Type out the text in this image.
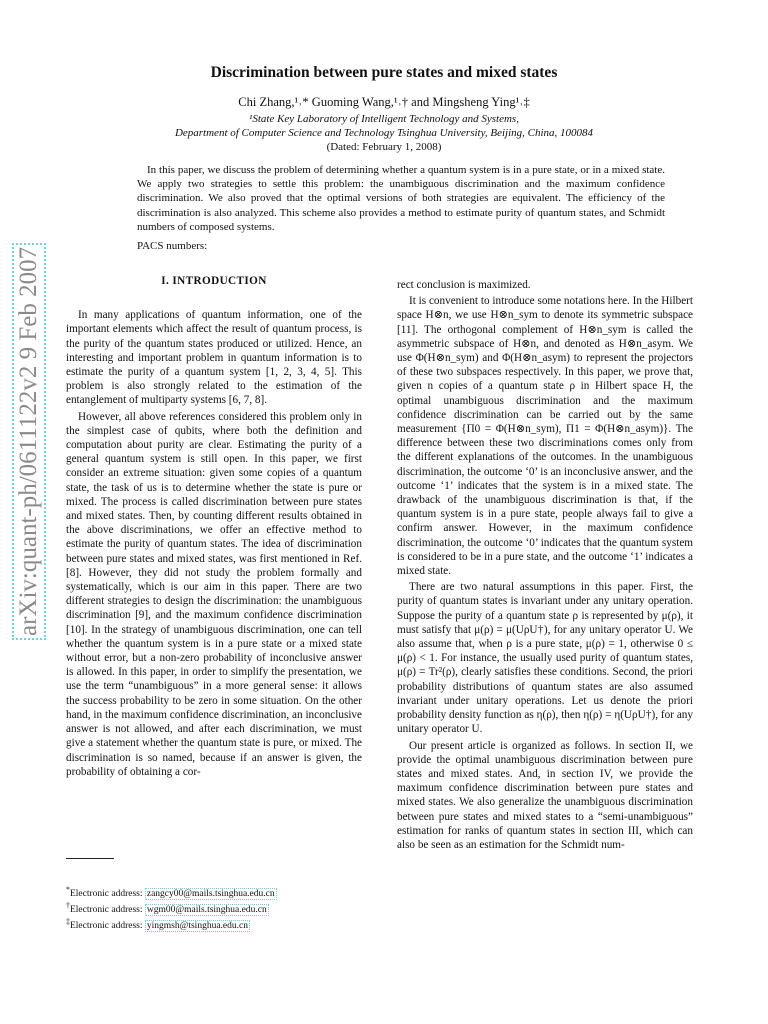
arXiv:quant-ph/0611122v2 9 Feb 2007
Discrimination between pure states and mixed states
Chi Zhang,¹˒* Guoming Wang,¹˒† and Mingsheng Ying¹˒‡
¹State Key Laboratory of Intelligent Technology and Systems,
Department of Computer Science and Technology Tsinghua University, Beijing, China, 100084
(Dated: February 1, 2008)

In this paper, we discuss the problem of determining whether a quantum system is in a pure state, or in a mixed state. We apply two strategies to settle this problem: the unambiguous discrimination and the maximum confidence discrimination. We also proved that the optimal versions of both strategies are equivalent. The efficiency of the discrimination is also analyzed. This scheme also provides a method to estimate purity of quantum states, and Schmidt numbers of composed systems.

PACS numbers:
I. INTRODUCTION

In many applications of quantum information, one of the important elements which affect the result of quantum process, is the purity of the quantum states produced or utilized. Hence, an interesting and important problem in quantum information is to estimate the purity of a quantum system [1, 2, 3, 4, 5]. This problem is also strongly related to the estimation of the entanglement of multiparty systems [6, 7, 8].

However, all above references considered this problem only in the simplest case of qubits, where both the definition and computation about purity are clear. Estimating the purity of a general quantum system is still open. In this paper, we first consider an extreme situation: given some copies of a quantum state, the task of us is to determine whether the state is pure or mixed. The process is called discrimination between pure states and mixed states. Then, by counting different results obtained in the above discriminations, we offer an effective method to estimate the purity of quantum states. The idea of discrimination between pure states and mixed states, was first mentioned in Ref.[8]. However, they did not study the problem formally and systematically, which is our aim in this paper. There are two different strategies to design the discrimination: the unambiguous discrimination [9], and the maximum confidence discrimination [10]. In the strategy of unambiguous discrimination, one can tell whether the quantum system is in a pure state or a mixed state without error, but a non-zero probability of inconclusive answer is allowed. In this paper, in order to simplify the presentation, we use the term “unambiguous” in a more general sense: it allows the success probability to be zero in some situation. On the other hand, in the maximum confidence discrimination, an inconclusive answer is not allowed, and after each discrimination, we must give a statement whether the quantum state is pure, or mixed. The discrimination is so named, because if an answer is given, the probability of obtaining a cor-

rect conclusion is maximized.

It is convenient to introduce some notations here. In the Hilbert space H⊗n, we use H⊗n_sym to denote its symmetric subspace [11]. The orthogonal complement of H⊗n_sym is called the asymmetric subspace of H⊗n, and denoted as H⊗n_asym. We use Φ(H⊗n_sym) and Φ(H⊗n_asym) to represent the projectors of these two subspaces respectively. In this paper, we prove that, given n copies of a quantum state ρ in Hilbert space H, the optimal unambiguous discrimination and the maximum confidence discrimination can be carried out by the same measurement {Π0 = Φ(H⊗n_sym), Π1 = Φ(H⊗n_asym)}. The difference between these two discriminations comes only from the different explanations of the outcomes. In the unambiguous discrimination, the outcome ‘0’ is an inconclusive answer, and the outcome ‘1’ indicates that the system is in a mixed state. The drawback of the unambiguous discrimination is that, if the quantum system is in a pure state, people always fail to give a confirm answer. However, in the maximum confidence discrimination, the outcome ‘0’ indicates that the quantum system is considered to be in a pure state, and the outcome ‘1’ indicates a mixed state.

There are two natural assumptions in this paper. First, the purity of quantum states is invariant under any unitary operation. Suppose the purity of a quantum state ρ is represented by μ(ρ), it must satisfy that μ(ρ) = μ(UρU†), for any unitary operator U. We also assume that, when ρ is a pure state, μ(ρ) = 1, otherwise 0 ≤ μ(ρ) < 1. For instance, the usually used purity of quantum states, μ(ρ) = Tr²(ρ), clearly satisfies these conditions. Second, the priori probability distributions of quantum states are also assumed invariant under unitary operations. Let us denote the priori probability density function as η(ρ), then η(ρ) = η(UρU†), for any unitary operator U.

Our present article is organized as follows. In section II, we provide the optimal unambiguous discrimination between pure states and mixed states. And, in section IV, we provide the maximum confidence discrimination between pure states and mixed states. We also generalize the unambiguous discrimination between pure states and mixed states to a “semi-unambiguous” estimation for ranks of quantum states in section III, which can also be seen as an estimation for the Schmidt num-

*Electronic address: zangcy00@mails.tsinghua.edu.cn
†Electronic address: wgm00@mails.tsinghua.edu.cn
‡Electronic address: yingmsh@tsinghua.edu.cn
